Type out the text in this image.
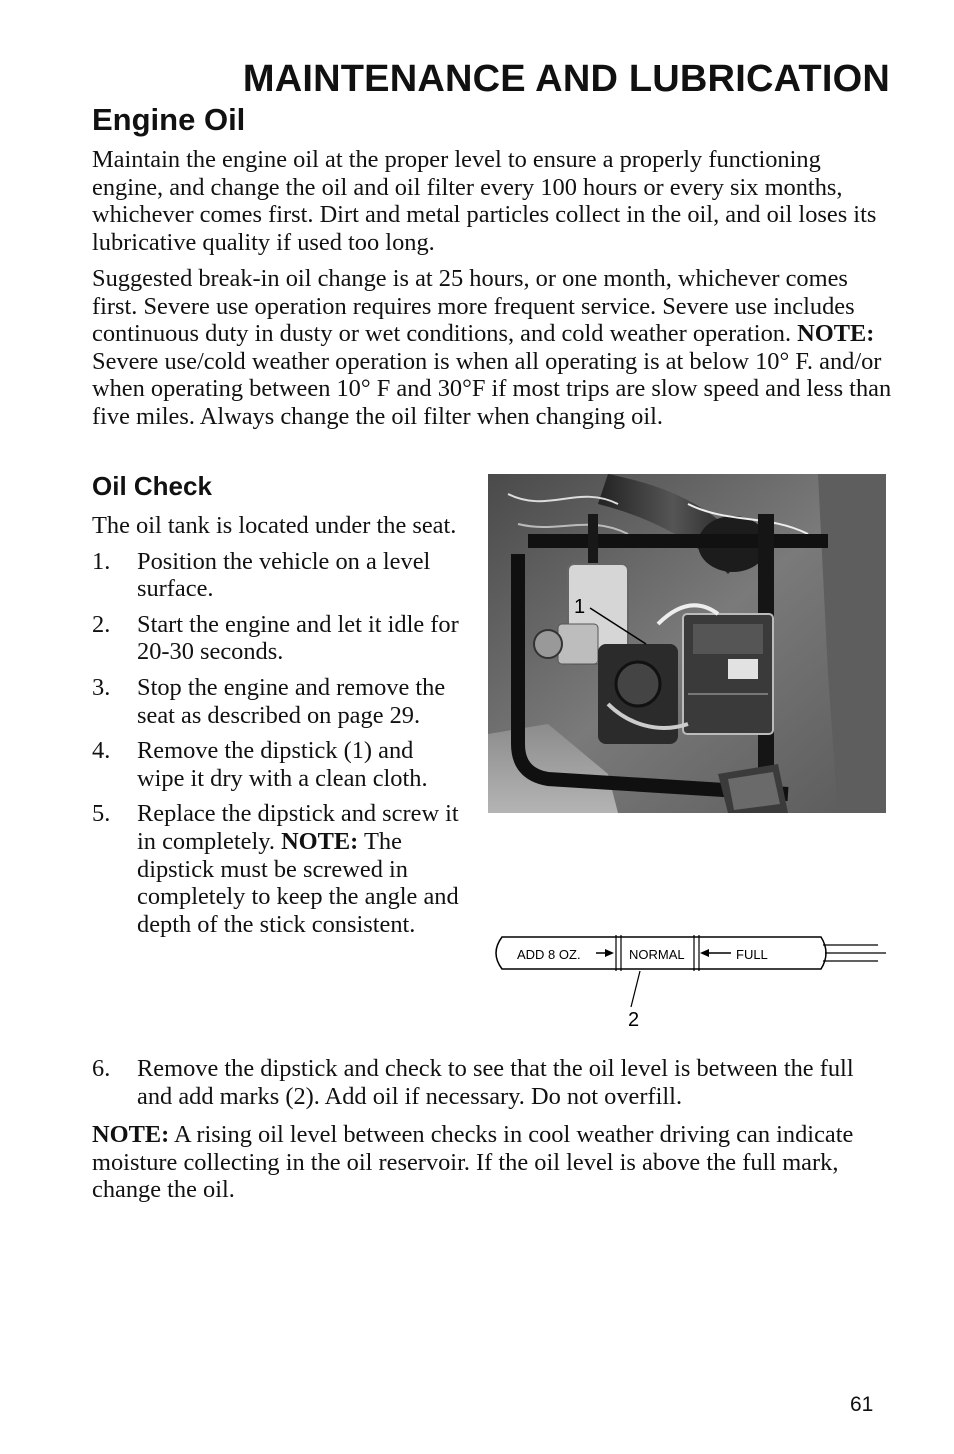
MAINTENANCE AND LUBRICATION
Engine Oil
Maintain the engine oil at the proper level to ensure a properly functioning engine, and change the oil and oil filter every 100 hours or every six months, whichever comes first. Dirt and metal particles collect in the oil, and oil loses its lubricative quality if used too long.
Suggested break-in oil change is at 25 hours, or one month, whichever comes first. Severe use operation requires more frequent service. Severe use includes continuous duty in dusty or wet conditions, and cold weather operation. NOTE: Severe use/cold weather operation is when all operating is at below 10° F. and/or when operating between 10° F and 30°F if most trips are slow speed and less than five miles. Always change the oil filter when changing oil.
Oil Check

The oil tank is located under the seat.

1. Position the vehicle on a level surface.
2. Start the engine and let it idle for 20-30 seconds.
3. Stop the engine and remove the seat as described on page 29.
4. Remove the dipstick (1) and wipe it dry with a clean cloth.
5. Replace the dipstick and screw it in completely. NOTE: The dipstick must be screwed in completely to keep the angle and depth of the stick consistent.
6.	Remove the dipstick and check to see that the oil level is between the full and add marks (2). Add oil if necessary. Do not overfill.
NOTE: A rising oil level between checks in cool weather driving can indicate moisture collecting in the oil reservoir. If the oil level is above the full mark, change the oil.
1
ADD 8 OZ.	NORMAL	FULL
2
61
